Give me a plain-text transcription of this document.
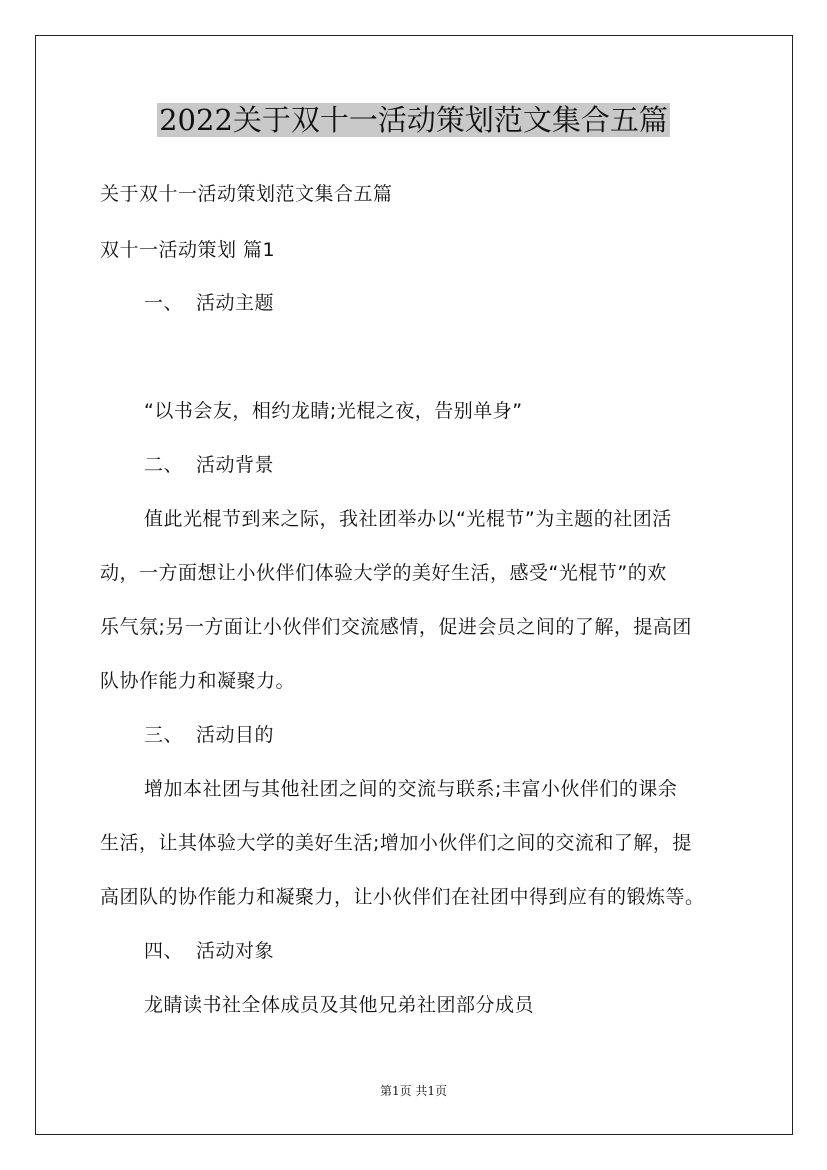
2022关于双十一活动策划范文集合五篇
关于双十一活动策划范文集合五篇
双十一活动策划 篇1
一、 活动主题
“以书会友，相约龙睛;光棍之夜，告别单身”
二、 活动背景
值此光棍节到来之际，我社团举办以“光棍节”为主题的社团活
动，一方面想让小伙伴们体验大学的美好生活，感受“光棍节”的欢
乐气氛;另一方面让小伙伴们交流感情，促进会员之间的了解，提高团
队协作能力和凝聚力。
三、 活动目的
增加本社团与其他社团之间的交流与联系;丰富小伙伴们的课余
生活，让其体验大学的美好生活;增加小伙伴们之间的交流和了解，提
高团队的协作能力和凝聚力，让小伙伴们在社团中得到应有的锻炼等。
四、 活动对象
龙睛读书社全体成员及其他兄弟社团部分成员
第1页 共1页
